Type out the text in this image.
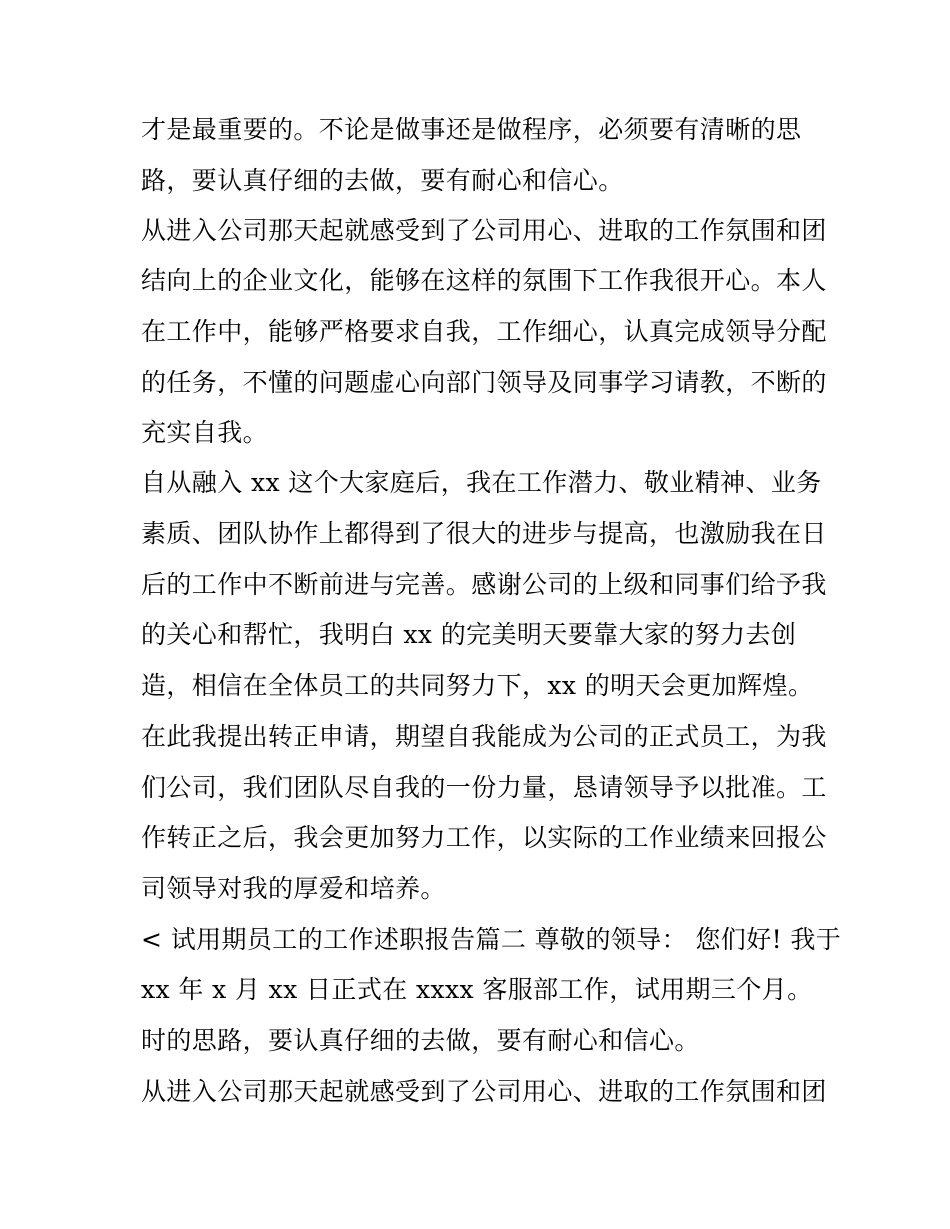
才是最重要的。不论是做事还是做程序，必须要有清晰的思
路，要认真仔细的去做，要有耐心和信心。
从进入公司那天起就感受到了公司用心、进取的工作氛围和团
结向上的企业文化，能够在这样的氛围下工作我很开心。本人
在工作中，能够严格要求自我，工作细心，认真完成领导分配
的任务，不懂的问题虚心向部门领导及同事学习请教，不断的
充实自我。
自从融入 xx 这个大家庭后，我在工作潜力、敬业精神、业务
素质、团队协作上都得到了很大的进步与提高，也激励我在日
后的工作中不断前进与完善。感谢公司的上级和同事们给予我
的关心和帮忙，我明白 xx 的完美明天要靠大家的努力去创
造，相信在全体员工的共同努力下，xx 的明天会更加辉煌。
在此我提出转正申请，期望自我能成为公司的正式员工，为我
们公司，我们团队尽自我的一份力量，恳请领导予以批准。工
作转正之后，我会更加努力工作，以实际的工作业绩来回报公
司领导对我的厚爱和培养。
< 试用期员工的工作述职报告篇二 尊敬的领导： 您们好! 我于
xx 年 x 月 xx 日正式在 xxxx 客服部工作，试用期三个月。
时的思路，要认真仔细的去做，要有耐心和信心。
从进入公司那天起就感受到了公司用心、进取的工作氛围和团
